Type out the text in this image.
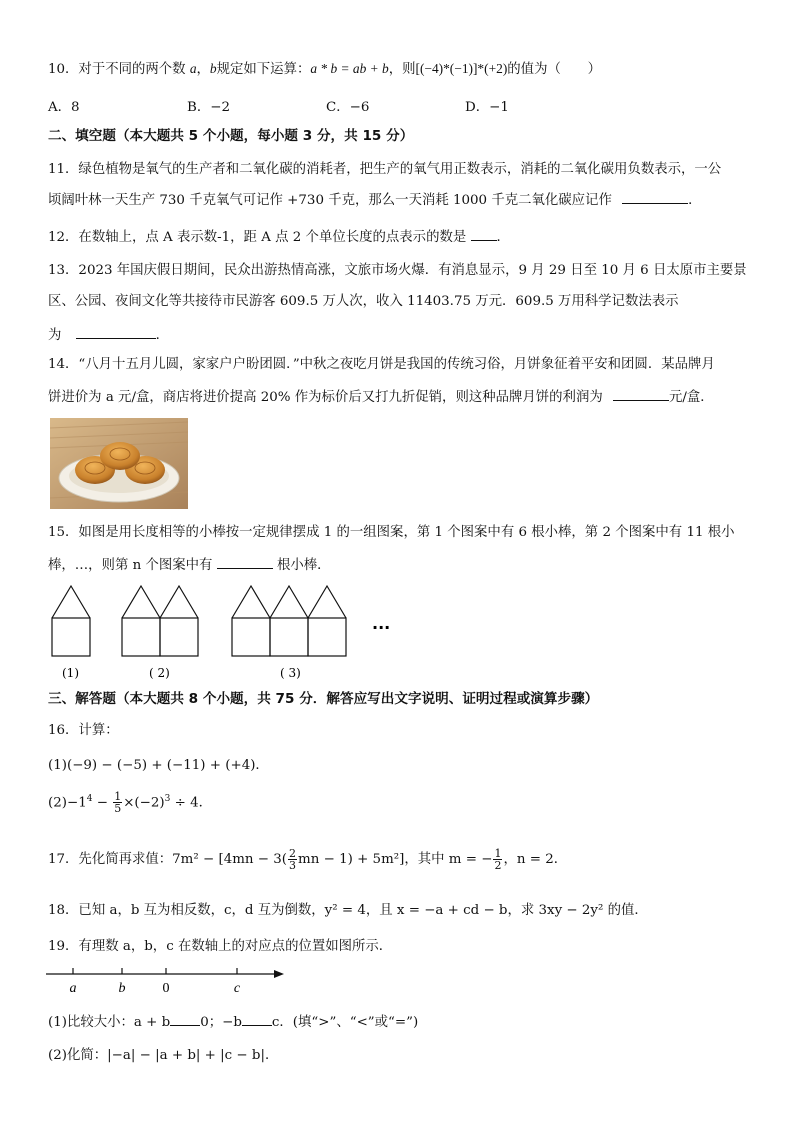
10．对于不同的两个数 a，b规定如下运算：a * b = ab + b，则[(−4)*(−1)]*(+2)的值为（　　）
A．8	B．−2	C．−6	D．−1
二、填空题（本大题共 5 个小题，每小题 3 分，共 15 分）
11．绿色植物是氧气的生产者和二氧化碳的消耗者，把生产的氧气用正数表示，消耗的二氧化碳用负数表示，一公
顷阔叶林一天生产 730 千克氧气可记作 +730 千克，那么一天消耗 1000 千克二氧化碳应记作	．
12．在数轴上，点 A 表示数-1，距 A 点 2 个单位长度的点表示的数是 ．
13．2023 年国庆假日期间，民众出游热情高涨，文旅市场火爆．有消息显示，9 月 29 日至 10 月 6 日太原市主要景
区、公园、夜间文化等共接待市民游客 609.5 万人次，收入 11403.75 万元．609.5 万用科学记数法表示
为	．
14．“八月十五月儿圆，家家户户盼团圆．”中秋之夜吃月饼是我国的传统习俗，月饼象征着平安和团圆．某品牌月
饼进价为 a 元/盒，商店将进价提高 20% 作为标价后又打九折促销，则这种品牌月饼的利润为	元/盒．
15．如图是用长度相等的小棒按一定规律摆成 1 的一组图案，第 1 个图案中有 6 根小棒，第 2 个图案中有 11 根小
棒，…，则第 n 个图案中有	根小棒．
···
(1)	( 2)	( 3)
三、解答题（本大题共 8 个小题，共 75 分．解答应写出文字说明、证明过程或演算步骤）
16．计算：
(1)(−9) − (−5) + (−11) + (+4)．
$(2)-1^4 - \frac{1}{5} \times(-2)^3 \div 4$．
17．先化简再求值：$7m^2 - [4mn - 3( \frac{2}{3}$ mn − 1) + 5m²]，其中 m = − $\frac{1}{2}$ ，n = 2．
18．已知 a，b 互为相反数，c，d 互为倒数，y² = 4，且 x = −a + cd − b，求 3xy − 2y² 的值．
19．有理数 a，b，c 在数轴上的对应点的位置如图所示．
a	b	0	c
(1)比较大小：a + b 0；−b c．(填“>”、“<”或“=”)
(2)化简：|−a| − |a + b| + |c − b|．
